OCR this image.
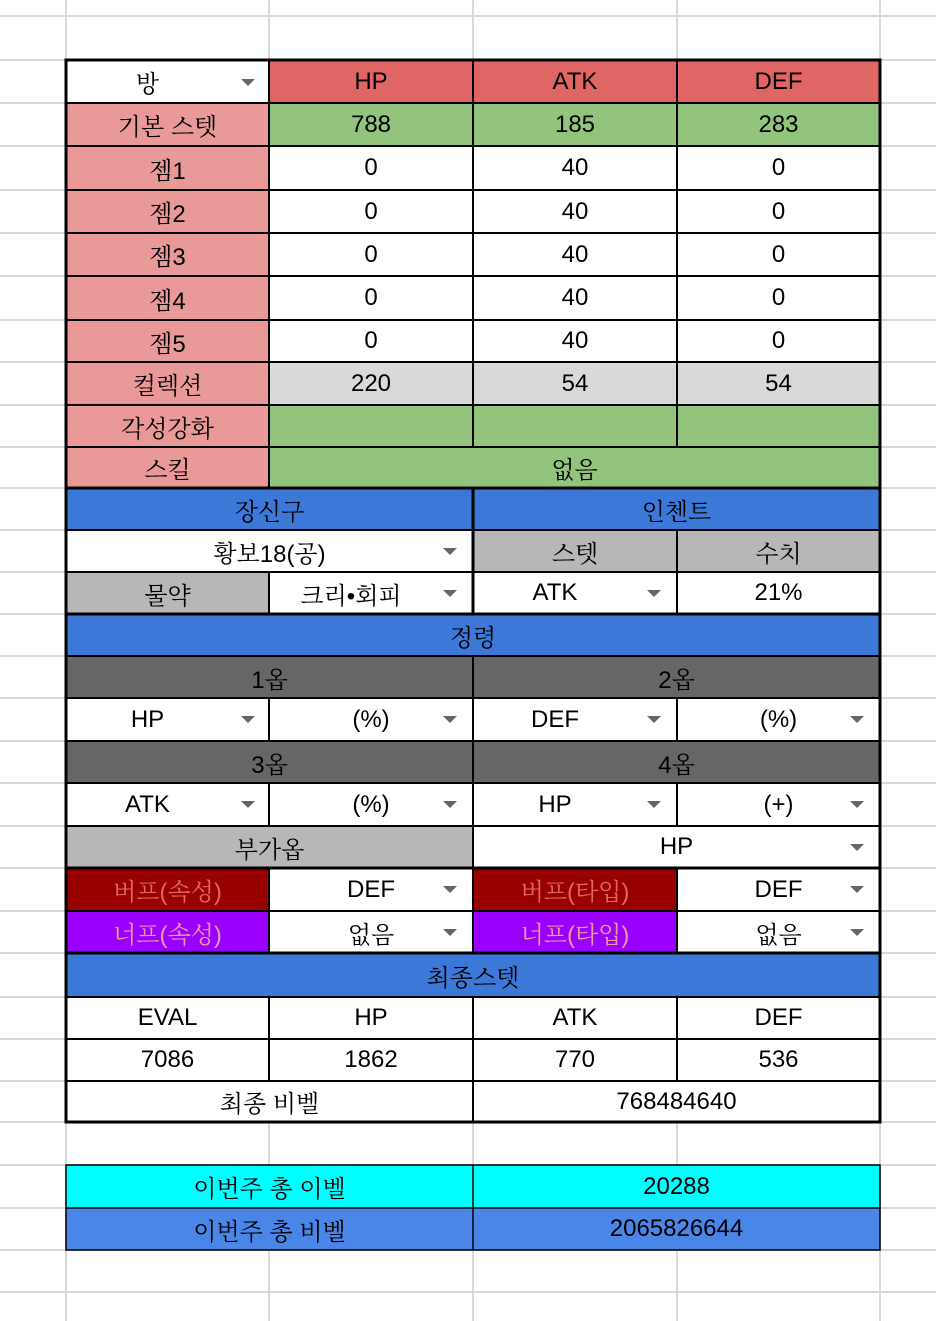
방	HP	ATK	DEF
기본 스텟	788	185	283
젬1	0	40	0
젬2	0	40	0
젬3	0	40	0
젬4	0	40	0
젬5	0	40	0
컬렉션	220	54	54
각성강화
스킬	없음
장신구	인첸트
황보18(공)	스텟	수치
물약	크리•회피	ATK	21%
정령
1옵	2옵
HP	(%)	DEF	(%)
3옵	4옵
ATK	(%)	HP	(+)
부가옵	HP
버프(속성)	DEF	버프(타입)	DEF
너프(속성)	없음	너프(타입)	없음
최종스텟
EVAL	HP	ATK	DEF
7086	1862	770	536
최종 비벨	768484640
이번주 총 이벨	20288
이번주 총 비벨	2065826644
